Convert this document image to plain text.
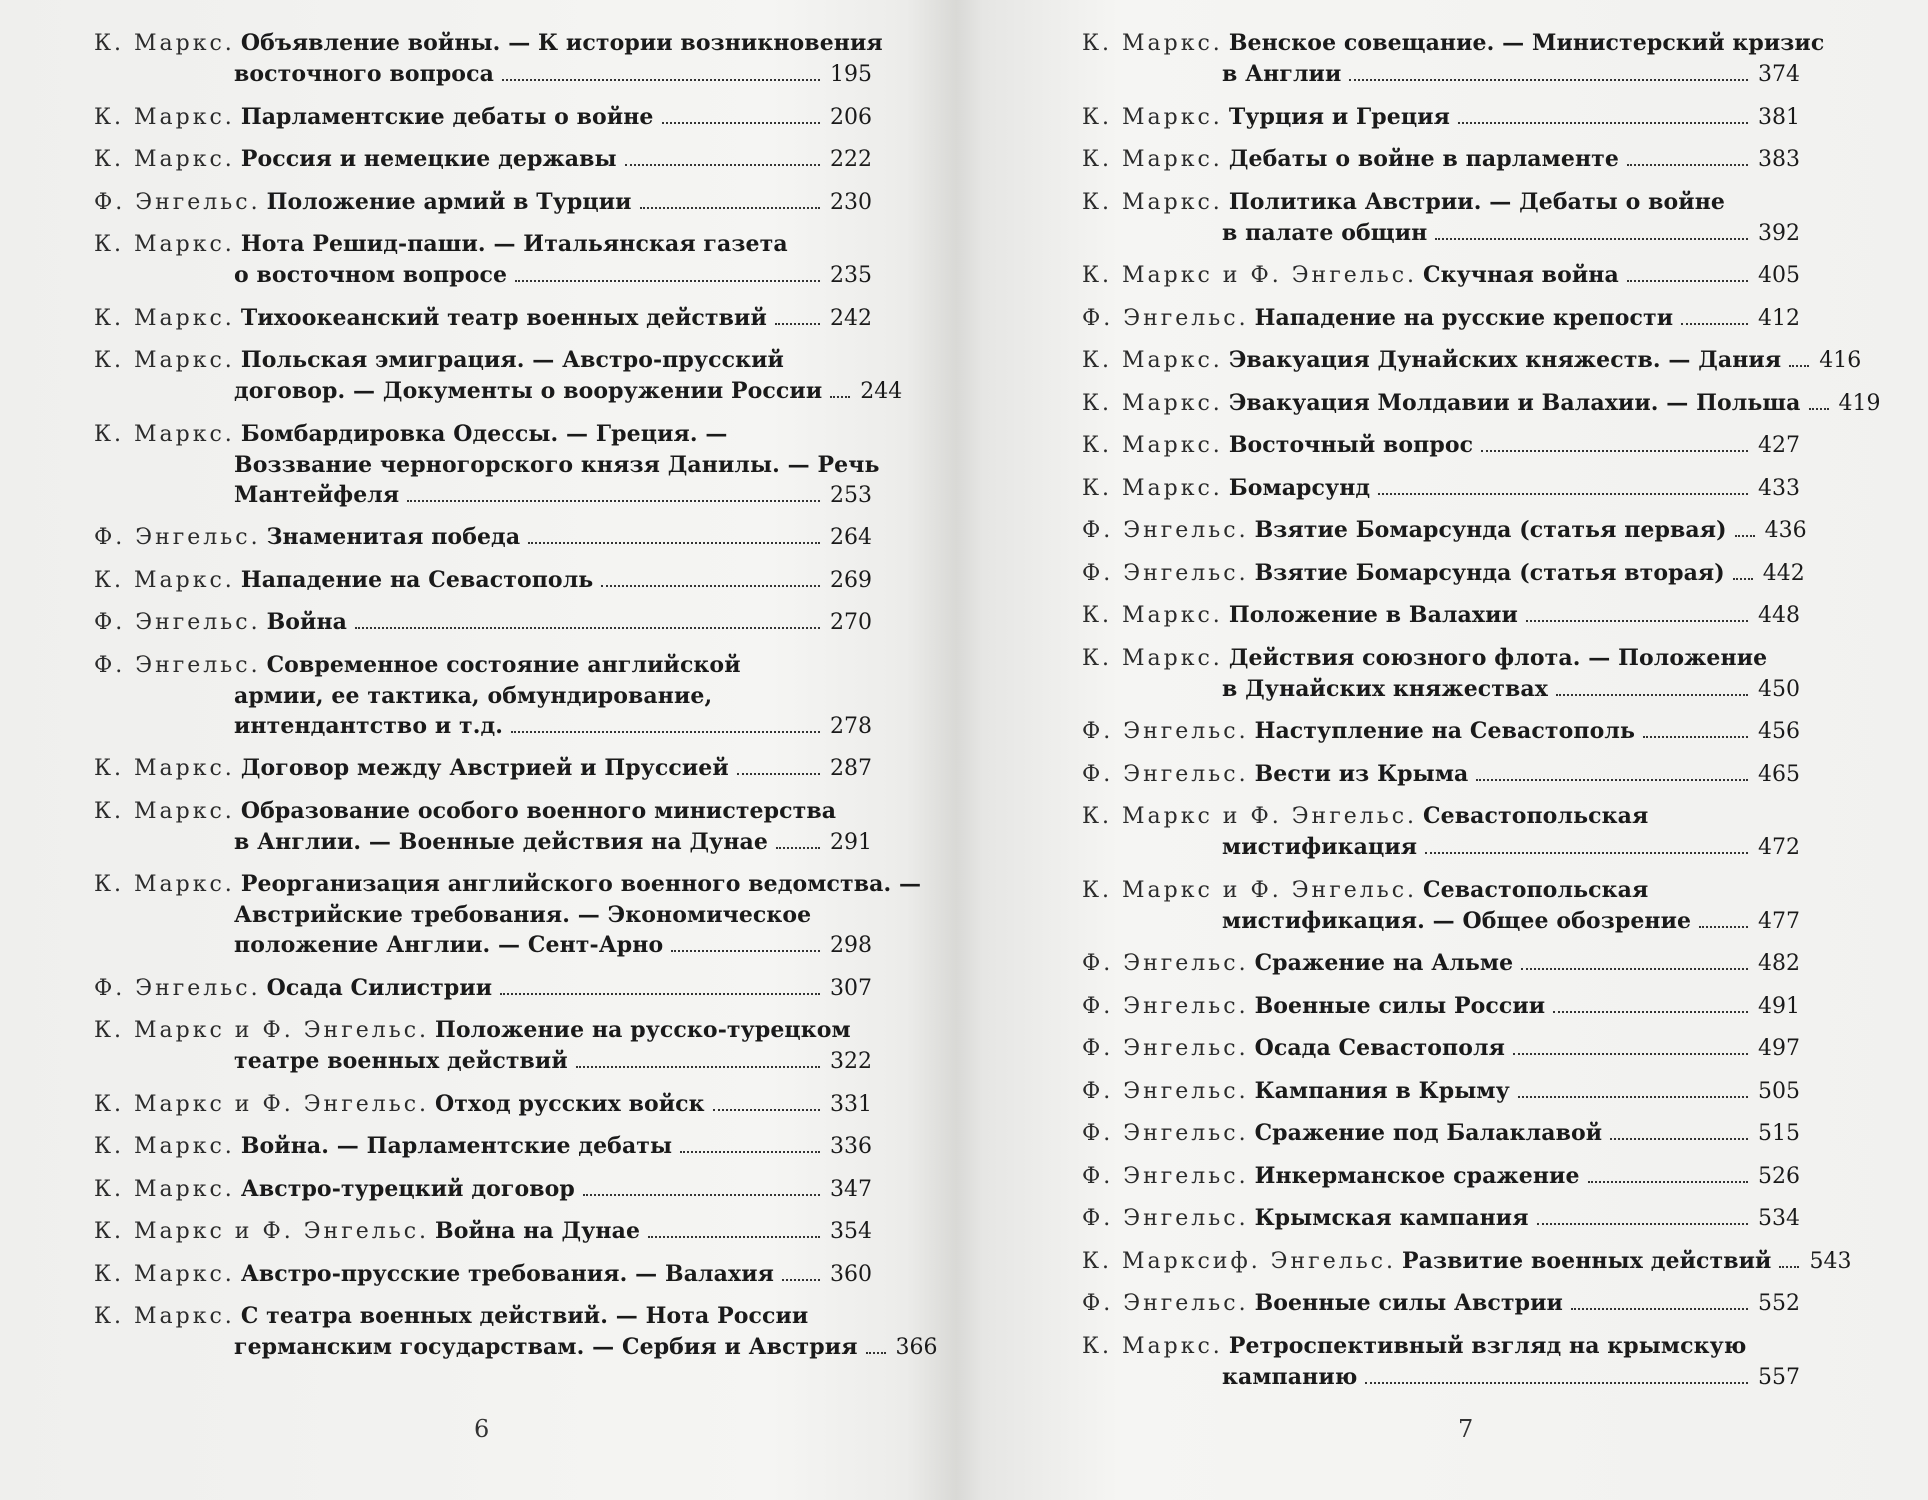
К. Маркс. Объявление войны. — К истории возникновения
восточного вопроса	195
К. Маркс. Парламентские дебаты о войне	206
К. Маркс. Россия и немецкие державы	222
Ф. Энгельс. Положение армий в Турции	230
К. Маркс. Нота Решид-паши. — Итальянская газета
о восточном вопросе	235
К. Маркс. Тихоокеанский театр военных действий	242
К. Маркс. Польская эмиграция. — Австро-прусский
договор. — Документы о вооружении России 244
К. Маркс. Бомбардировка Одессы. — Греция. —
Воззвание черногорского князя Данилы. — Речь
Мантейфеля	253
Ф. Энгельс. Знаменитая победа	264
К. Маркс. Нападение на Севастополь	269
Ф. Энгельс. Война	270
Ф. Энгельс. Современное состояние английской
армии, ее тактика, обмундирование,
интендантство и т.д.	278
К. Маркс. Договор между Австрией и Пруссией	287
К. Маркс. Образование особого военного министерства
в Англии. — Военные действия на Дунае	291
К. Маркс. Реорганизация английского военного ведомства. —
Австрийские требования. — Экономическое
положение Англии. — Сент-Арно	298
Ф. Энгельс. Осада Силистрии	307
К. Маркс и Ф. Энгельс. Положение на русско-турецком
театре военных действий	322
К. Маркс и Ф. Энгельс. Отход русских войск	331
К. Маркс. Война. — Парламентские дебаты	336
К. Маркс. Австро-турецкий договор	347
К. Маркс и Ф. Энгельс. Война на Дунае	354
К. Маркс. Австро-прусские требования. — Валахия	360
К. Маркс. С театра военных действий. — Нота России
германским государствам. — Сербия и Австрия 366
6
К. Маркс. Венское совещание. — Министерский кризис
в Англии	374
К. Маркс. Турция и Греция	381
К. Маркс. Дебаты о войне в парламенте	383
К. Маркс. Политика Австрии. — Дебаты о войне
в палате общин	392
К. Маркс и Ф. Энгельс. Скучная война	405
Ф. Энгельс. Нападение на русские крепости	412
К. Маркс. Эвакуация Дунайских княжеств. — Дания 416
К. Маркс. Эвакуация Молдавии и Валахии. — Польша 419
К. Маркс. Восточный вопрос	427
К. Маркс. Бомарсунд	433
Ф. Энгельс. Взятие Бомарсунда (статья первая) 436
Ф. Энгельс. Взятие Бомарсунда (статья вторая) 442
К. Маркс. Положение в Валахии	448
К. Маркс. Действия союзного флота. — Положение
в Дунайских княжествах	450
Ф. Энгельс. Наступление на Севастополь	456
Ф. Энгельс. Вести из Крыма	465
К. Маркс и Ф. Энгельс. Севастопольская
мистификация	472
К. Маркс и Ф. Энгельс. Севастопольская
мистификация. — Общее обозрение	477
Ф. Энгельс. Сражение на Альме	482
Ф. Энгельс. Военные силы России	491
Ф. Энгельс. Осада Севастополя	497
Ф. Энгельс. Кампания в Крыму	505
Ф. Энгельс. Сражение под Балаклавой	515
Ф. Энгельс. Инкерманское сражение	526
Ф. Энгельс. Крымская кампания	534
К. Марксиф. Энгельс. Развитие военных действий 543
Ф. Энгельс. Военные силы Австрии	552
К. Маркс. Ретроспективный взгляд на крымскую
кампанию	557
7
